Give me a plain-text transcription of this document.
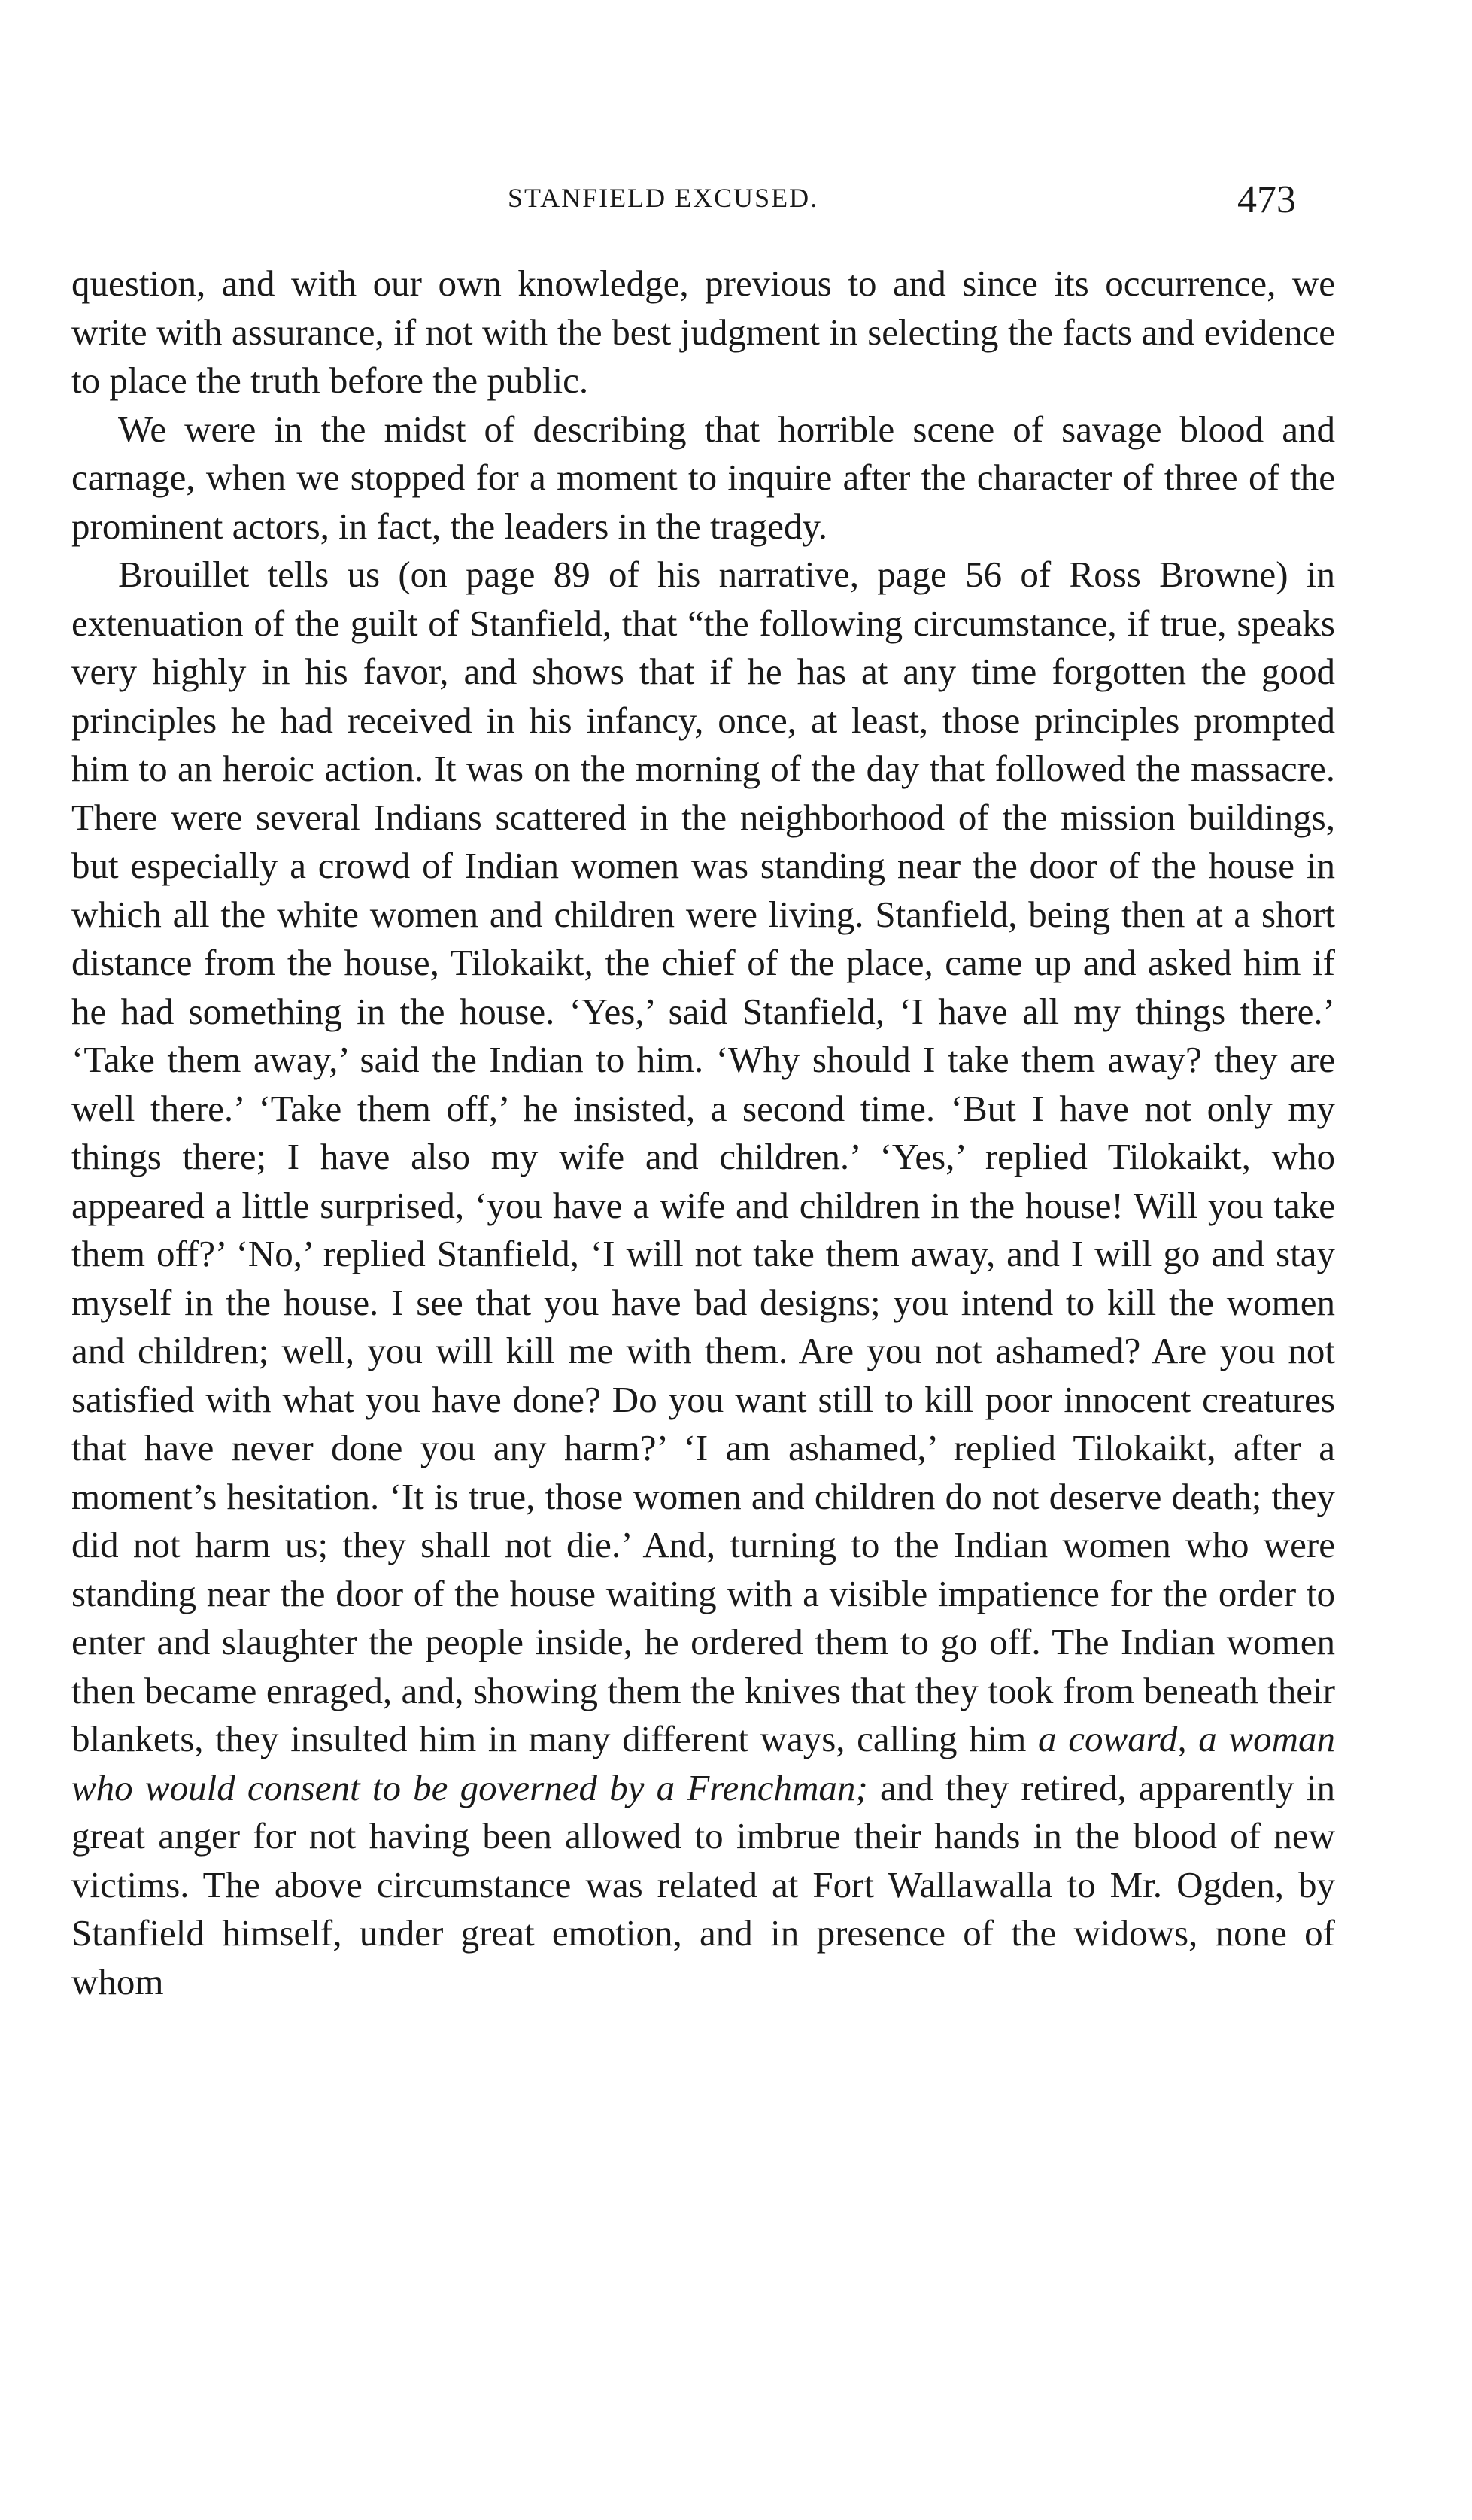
STANFIELD EXCUSED.	473

question, and with our own knowledge, previous to and since its occurrence, we write with assurance, if not with the best judgment in selecting the facts and evidence to place the truth before the public.

We were in the midst of describing that horrible scene of savage blood and carnage, when we stopped for a moment to inquire after the character of three of the prominent actors, in fact, the leaders in the tragedy.

Brouillet tells us (on page 89 of his narrative, page 56 of Ross Browne) in extenuation of the guilt of Stanfield, that “the following circumstance, if true, speaks very highly in his favor, and shows that if he has at any time forgotten the good principles he had received in his infancy, once, at least, those principles prompted him to an heroic action. It was on the morning of the day that followed the massacre. There were several Indians scattered in the neighborhood of the mission buildings, but especially a crowd of Indian women was standing near the door of the house in which all the white women and children were living. Stanfield, being then at a short distance from the house, Tilokaikt, the chief of the place, came up and asked him if he had something in the house. ‘Yes,’ said Stanfield, ‘I have all my things there.’ ‘Take them away,’ said the Indian to him. ‘Why should I take them away? they are well there.’ ‘Take them off,’ he insisted, a second time. ‘But I have not only my things there; I have also my wife and children.’ ‘Yes,’ replied Tilokaikt, who appeared a little surprised, ‘you have a wife and children in the house! Will you take them off?’ ‘No,’ replied Stanfield, ‘I will not take them away, and I will go and stay myself in the house. I see that you have bad designs; you intend to kill the women and children; well, you will kill me with them. Are you not ashamed? Are you not satisfied with what you have done? Do you want still to kill poor innocent creatures that have never done you any harm?’ ‘I am ashamed,’ replied Tilokaikt, after a moment’s hesitation. ‘It is true, those women and children do not deserve death; they did not harm us; they shall not die.’ And, turning to the Indian women who were standing near the door of the house waiting with a visible impatience for the order to enter and slaughter the people inside, he ordered them to go off. The Indian women then became enraged, and, showing them the knives that they took from beneath their blankets, they insulted him in many different ways, calling him a coward, a woman who would consent to be governed by a Frenchman; and they retired, apparently in great anger for not having been allowed to imbrue their hands in the blood of new victims. The above circumstance was related at Fort Wallawalla to Mr. Ogden, by Stanfield himself, under great emotion, and in presence of the widows, none of whom
